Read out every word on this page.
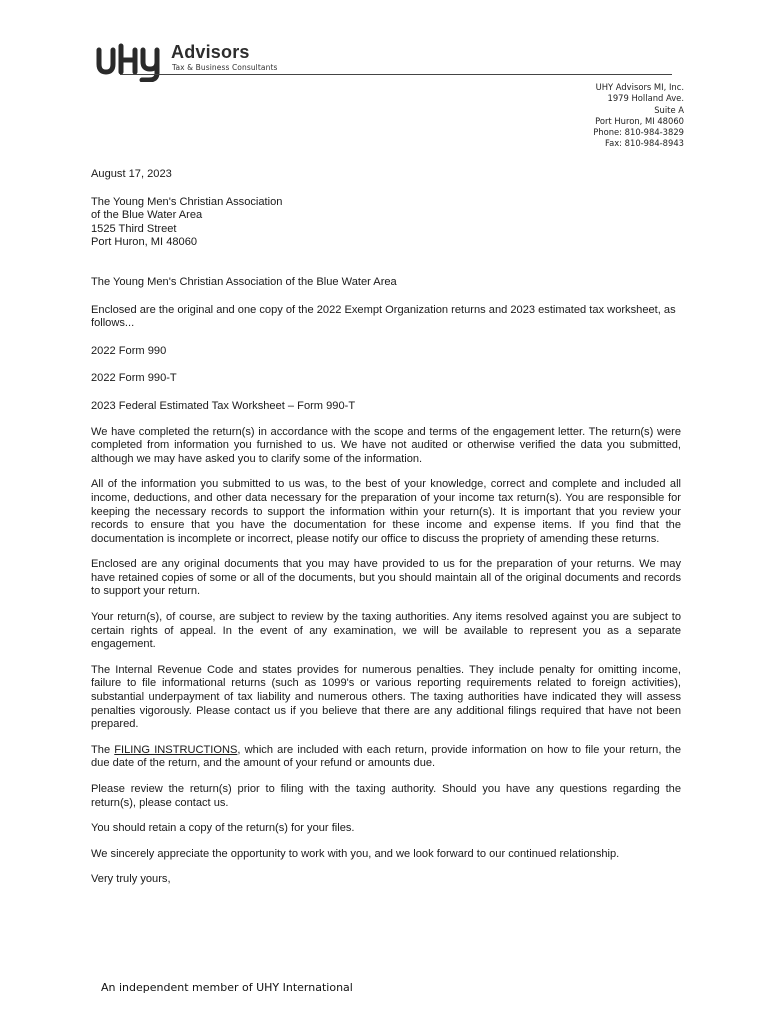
Advisors
Tax & Business Consultants
UHY Advisors MI, Inc.
1979 Holland Ave.
Suite A
Port Huron, MI 48060
Phone: 810-984-3829
Fax: 810-984-8943
August 17, 2023
The Young Men's Christian Association
of the Blue Water Area
1525 Third Street
Port Huron, MI 48060
The Young Men's Christian Association of the Blue Water Area
Enclosed are the original and one copy of the 2022 Exempt Organization returns and 2023 estimated tax worksheet, as follows...
2022 Form 990
2022 Form 990-T
2023 Federal Estimated Tax Worksheet – Form 990-T
We have completed the return(s) in accordance with the scope and terms of the engagement letter. The return(s) were completed from information you furnished to us. We have not audited or otherwise verified the data you submitted, although we may have asked you to clarify some of the information.
All of the information you submitted to us was, to the best of your knowledge, correct and complete and included all income, deductions, and other data necessary for the preparation of your income tax return(s). You are responsible for keeping the necessary records to support the information within your return(s). It is important that you review your records to ensure that you have the documentation for these income and expense items. If you find that the documentation is incomplete or incorrect, please notify our office to discuss the propriety of amending these returns.
Enclosed are any original documents that you may have provided to us for the preparation of your returns. We may have retained copies of some or all of the documents, but you should maintain all of the original documents and records to support your return.
Your return(s), of course, are subject to review by the taxing authorities. Any items resolved against you are subject to certain rights of appeal. In the event of any examination, we will be available to represent you as a separate engagement.
The Internal Revenue Code and states provides for numerous penalties. They include penalty for omitting income, failure to file informational returns (such as 1099's or various reporting requirements related to foreign activities), substantial underpayment of tax liability and numerous others. The taxing authorities have indicated they will assess penalties vigorously. Please contact us if you believe that there are any additional filings required that have not been prepared.
The FILING INSTRUCTIONS, which are included with each return, provide information on how to file your return, the due date of the return, and the amount of your refund or amounts due.
Please review the return(s) prior to filing with the taxing authority. Should you have any questions regarding the return(s), please contact us.
You should retain a copy of the return(s) for your files.
We sincerely appreciate the opportunity to work with you, and we look forward to our continued relationship.
Very truly yours,
An independent member of UHY International
